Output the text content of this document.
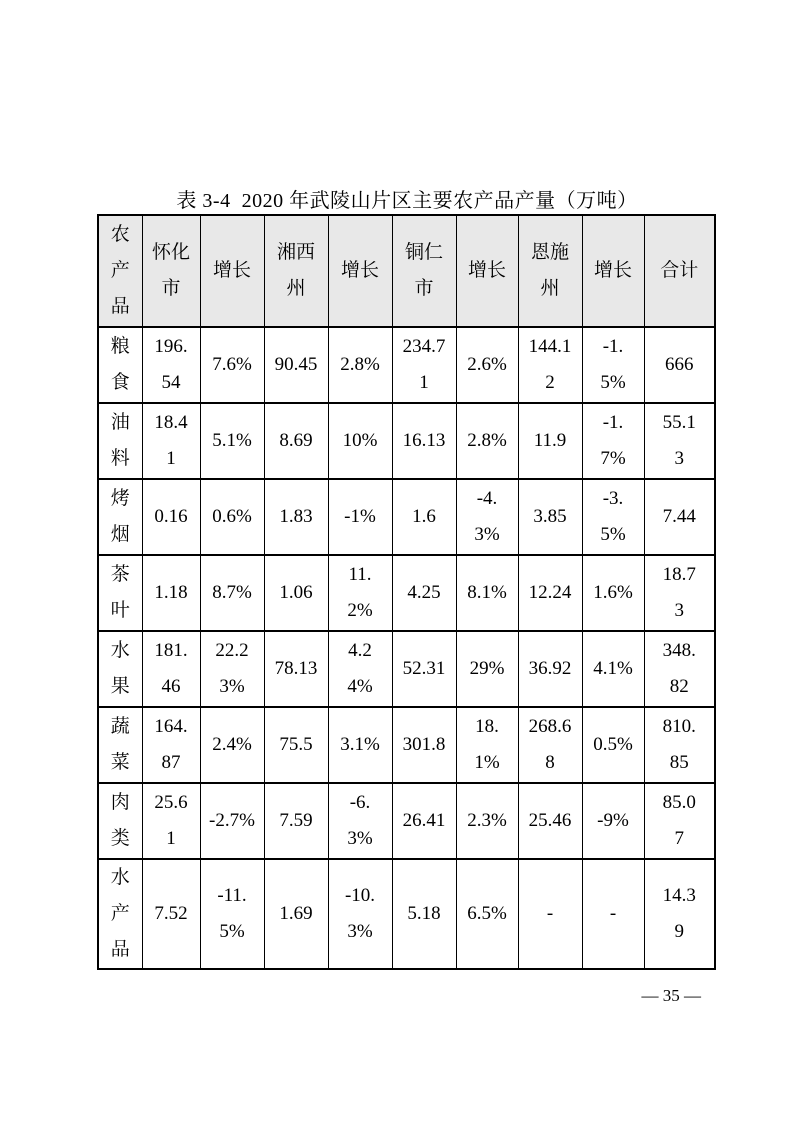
表 3-4  2020 年武陵山片区主要农产品产量（万吨）
农产品	怀化市	增长	湘西州	增长	铜仁市	增长	恩施州	增长	合计
粮食	196.54	7.6%	90.45	2.8%	234.71	2.6%	144.12	-1.5%	666
油料	18.41	5.1%	8.69	10%	16.13	2.8%	11.9	-1.7%	55.13
烤烟	0.16	0.6%	1.83	-1%	1.6	-4.3%	3.85	-3.5%	7.44
茶叶	1.18	8.7%	1.06	11.2%	4.25	8.1%	12.24	1.6%	18.73
水果	181.46	22.23%	78.13	4.24%	52.31	29%	36.92	4.1%	348.82
蔬菜	164.87	2.4%	75.5	3.1%	301.8	18.1%	268.68	0.5%	810.85
肉类	25.61	-2.7%	7.59	-6.3%	26.41	2.3%	25.46	-9%	85.07
水产品	7.52	-11.5%	1.69	-10.3%	5.18	6.5%	-	-	14.39
— 35 —
